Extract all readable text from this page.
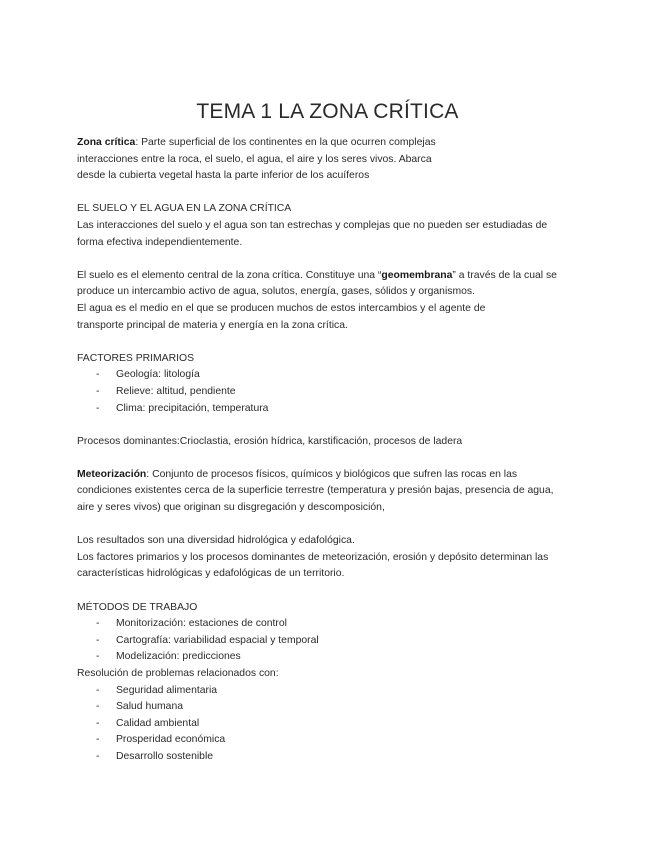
TEMA 1 LA ZONA CRÍTICA
Zona crítica: Parte superficial de los continentes en la que ocurren complejas
interacciones entre la roca, el suelo, el agua, el aire y los seres vivos. Abarca
desde la cubierta vegetal hasta la parte inferior de los acuíferos
EL SUELO Y EL AGUA EN LA ZONA CRÍTICA
Las interacciones del suelo y el agua son tan estrechas y complejas que no pueden ser estudiadas de
forma efectiva independientemente.
El suelo es el elemento central de la zona crítica. Constituye una “geomembrana” a través de la cual se
produce un intercambio activo de agua, solutos, energía, gases, sólidos y organismos.
El agua es el medio en el que se producen muchos de estos intercambios y el agente de
transporte principal de materia y energía en la zona crítica.
FACTORES PRIMARIOS
- Geología: litología
- Relieve: altitud, pendiente
- Clima: precipitación, temperatura
Procesos dominantes:Crioclastia, erosión hídrica, karstificación, procesos de ladera
Meteorización: Conjunto de procesos físicos, químicos y biológicos que sufren las rocas en las
condiciones existentes cerca de la superficie terrestre (temperatura y presión bajas, presencia de agua,
aire y seres vivos) que originan su disgregación y descomposición,
Los resultados son una diversidad hidrológica y edafológica.
Los factores primarios y los procesos dominantes de meteorización, erosión y depósito determinan las
características hidrológicas y edafológicas de un territorio.
MÉTODOS DE TRABAJO
- Monitorización: estaciones de control
- Cartografía: variabilidad espacial y temporal
- Modelización: predicciones
Resolución de problemas relacionados con:
- Seguridad alimentaria
- Salud humana
- Calidad ambiental
- Prosperidad económica
- Desarrollo sostenible
